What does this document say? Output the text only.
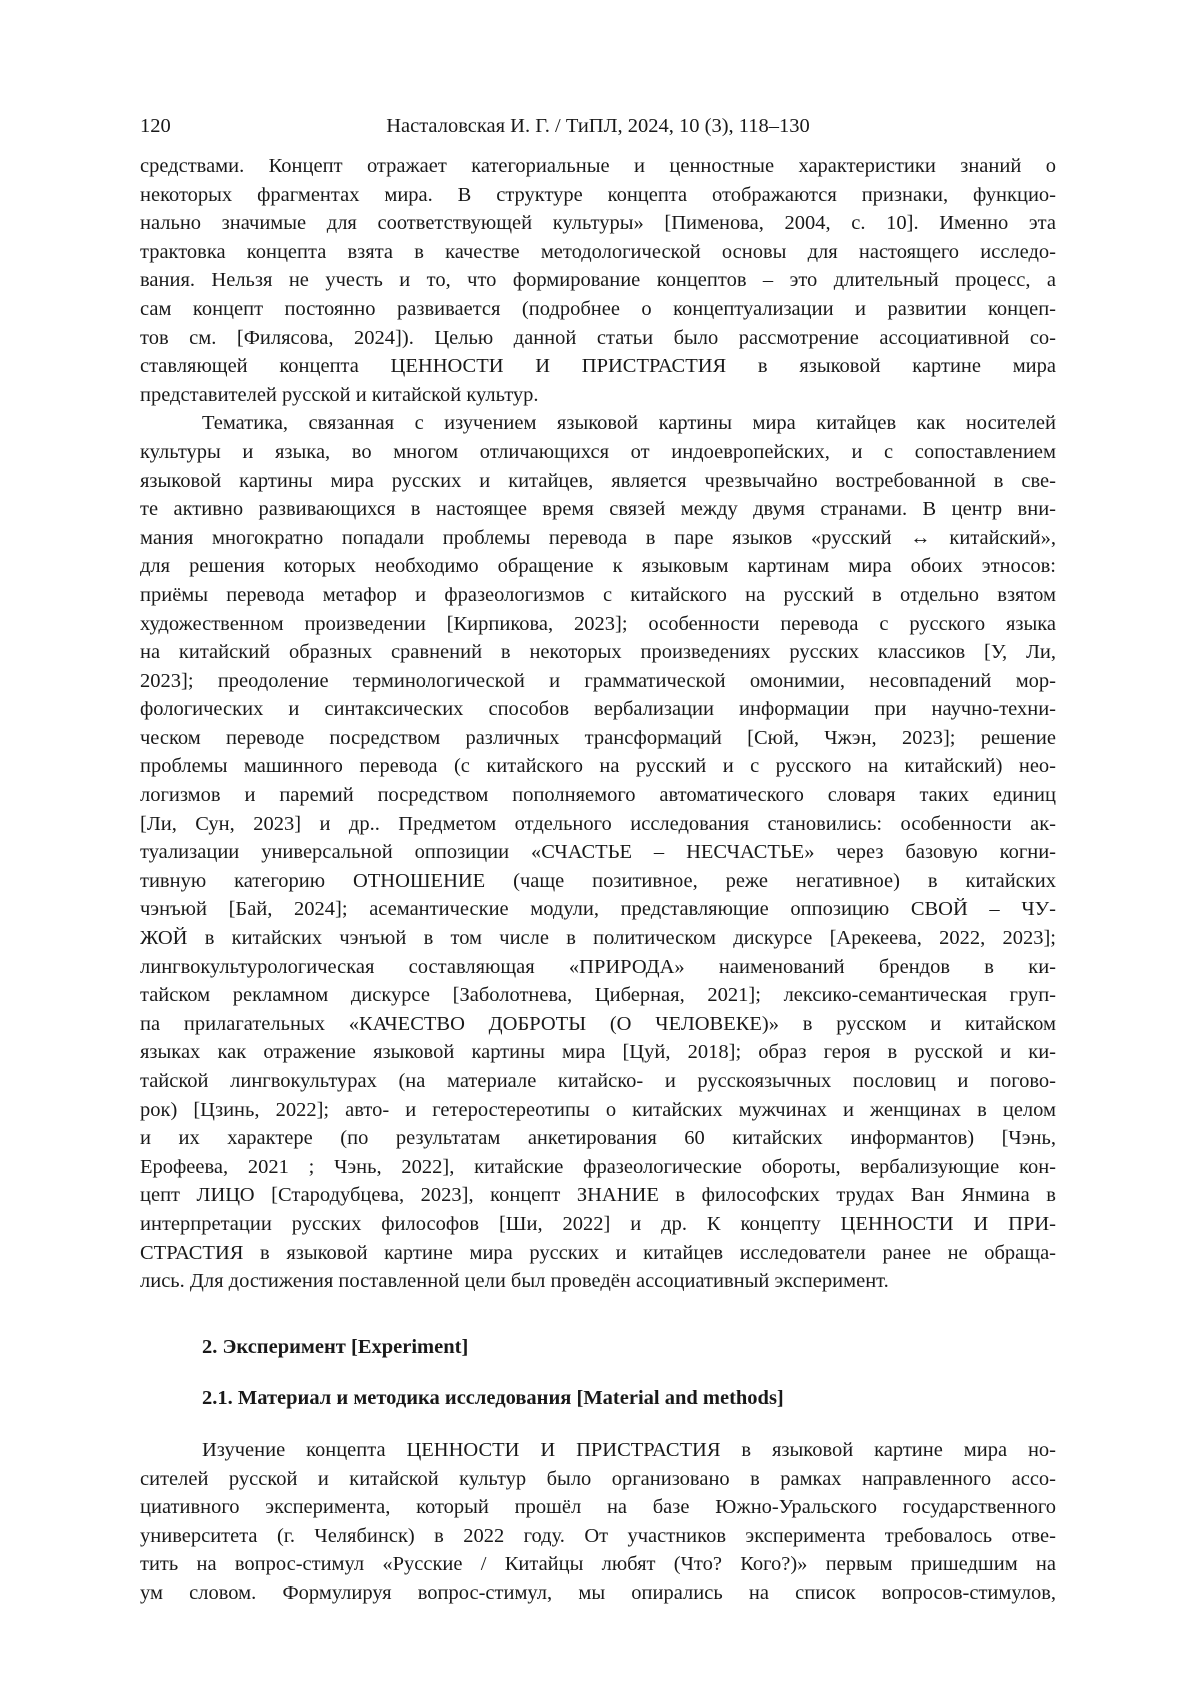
120	Насталовская И. Г. / ТиПЛ, 2024, 10 (3), 118–130
средствами. Концепт отражает категориальные и ценностные характеристики знаний о
некоторых фрагментах мира. В структуре концепта отображаются признаки, функцио-
нально значимые для соответствующей культуры» [Пименова, 2004, с. 10]. Именно эта
трактовка концепта взята в качестве методологической основы для настоящего исследо-
вания. Нельзя не учесть и то, что формирование концептов – это длительный процесс, а
сам концепт постоянно развивается (подробнее о концептуализации и развитии концеп-
тов см. [Филясова, 2024]). Целью данной статьи было рассмотрение ассоциативной со-
ставляющей концепта ЦЕННОСТИ И ПРИСТРАСТИЯ в языковой картине мира
представителей русской и китайской культур.
Тематика, связанная с изучением языковой картины мира китайцев как носителей
культуры и языка, во многом отличающихся от индоевропейских, и с сопоставлением
языковой картины мира русских и китайцев, является чрезвычайно востребованной в све-
те активно развивающихся в настоящее время связей между двумя странами. В центр вни-
мания многократно попадали проблемы перевода в паре языков «русский ↔ китайский»,
для решения которых необходимо обращение к языковым картинам мира обоих этносов:
приёмы перевода метафор и фразеологизмов с китайского на русский в отдельно взятом
художественном произведении [Кирпикова, 2023]; особенности перевода с русского языка
на китайский образных сравнений в некоторых произведениях русских классиков [У, Ли,
2023]; преодоление терминологической и грамматической омонимии, несовпадений мор-
фологических и синтаксических способов вербализации информации при научно-техни-
ческом переводе посредством различных трансформаций [Сюй, Чжэн, 2023]; решение
проблемы машинного перевода (с китайского на русский и с русского на китайский) нео-
логизмов и паремий посредством пополняемого автоматического словаря таких единиц
[Ли, Сун, 2023] и др.. Предметом отдельного исследования становились: особенности ак-
туализации универсальной оппозиции «СЧАСТЬЕ – НЕСЧАСТЬЕ» через базовую когни-
тивную категорию ОТНОШЕНИЕ (чаще позитивное, реже негативное) в китайских
чэнъюй [Бай, 2024]; асемантические модули, представляющие оппозицию СВОЙ – ЧУ-
ЖОЙ в китайских чэнъюй в том числе в политическом дискурсе [Арекеева, 2022, 2023];
лингвокультурологическая составляющая «ПРИРОДА» наименований брендов в ки-
тайском рекламном дискурсе [Заболотнева, Циберная, 2021]; лексико-семантическая груп-
па прилагательных «КАЧЕСТВО ДОБРОТЫ (О ЧЕЛОВЕКЕ)» в русском и китайском
языках как отражение языковой картины мира [Цуй, 2018]; образ героя в русской и ки-
тайской лингвокультурах (на материале китайско- и русскоязычных пословиц и погово-
рок) [Цзинь, 2022]; авто- и гетеростереотипы о китайских мужчинах и женщинах в целом
и их характере (по результатам анкетирования 60 китайских информантов) [Чэнь,
Ерофеева, 2021 ; Чэнь, 2022], китайские фразеологические обороты, вербализующие кон-
цепт ЛИЦО [Стародубцева, 2023], концепт ЗНАНИЕ в философских трудах Ван Янмина в
интерпретации русских философов [Ши, 2022] и др. К концепту ЦЕННОСТИ И ПРИ-
СТРАСТИЯ в языковой картине мира русских и китайцев исследователи ранее не обраща-
лись. Для достижения поставленной цели был проведён ассоциативный эксперимент.
2. Эксперимент [Experiment]
2.1. Материал и методика исследования [Material and methods]
Изучение концепта ЦЕННОСТИ И ПРИСТРАСТИЯ в языковой картине мира но-
сителей русской и китайской культур было организовано в рамках направленного ассо-
циативного эксперимента, который прошёл на базе Южно-Уральского государственного
университета (г. Челябинск) в 2022 году. От участников эксперимента требовалось отве-
тить на вопрос-стимул «Русские / Китайцы любят (Что? Кого?)» первым пришедшим на
ум словом. Формулируя вопрос-стимул, мы опирались на список вопросов-стимулов,
